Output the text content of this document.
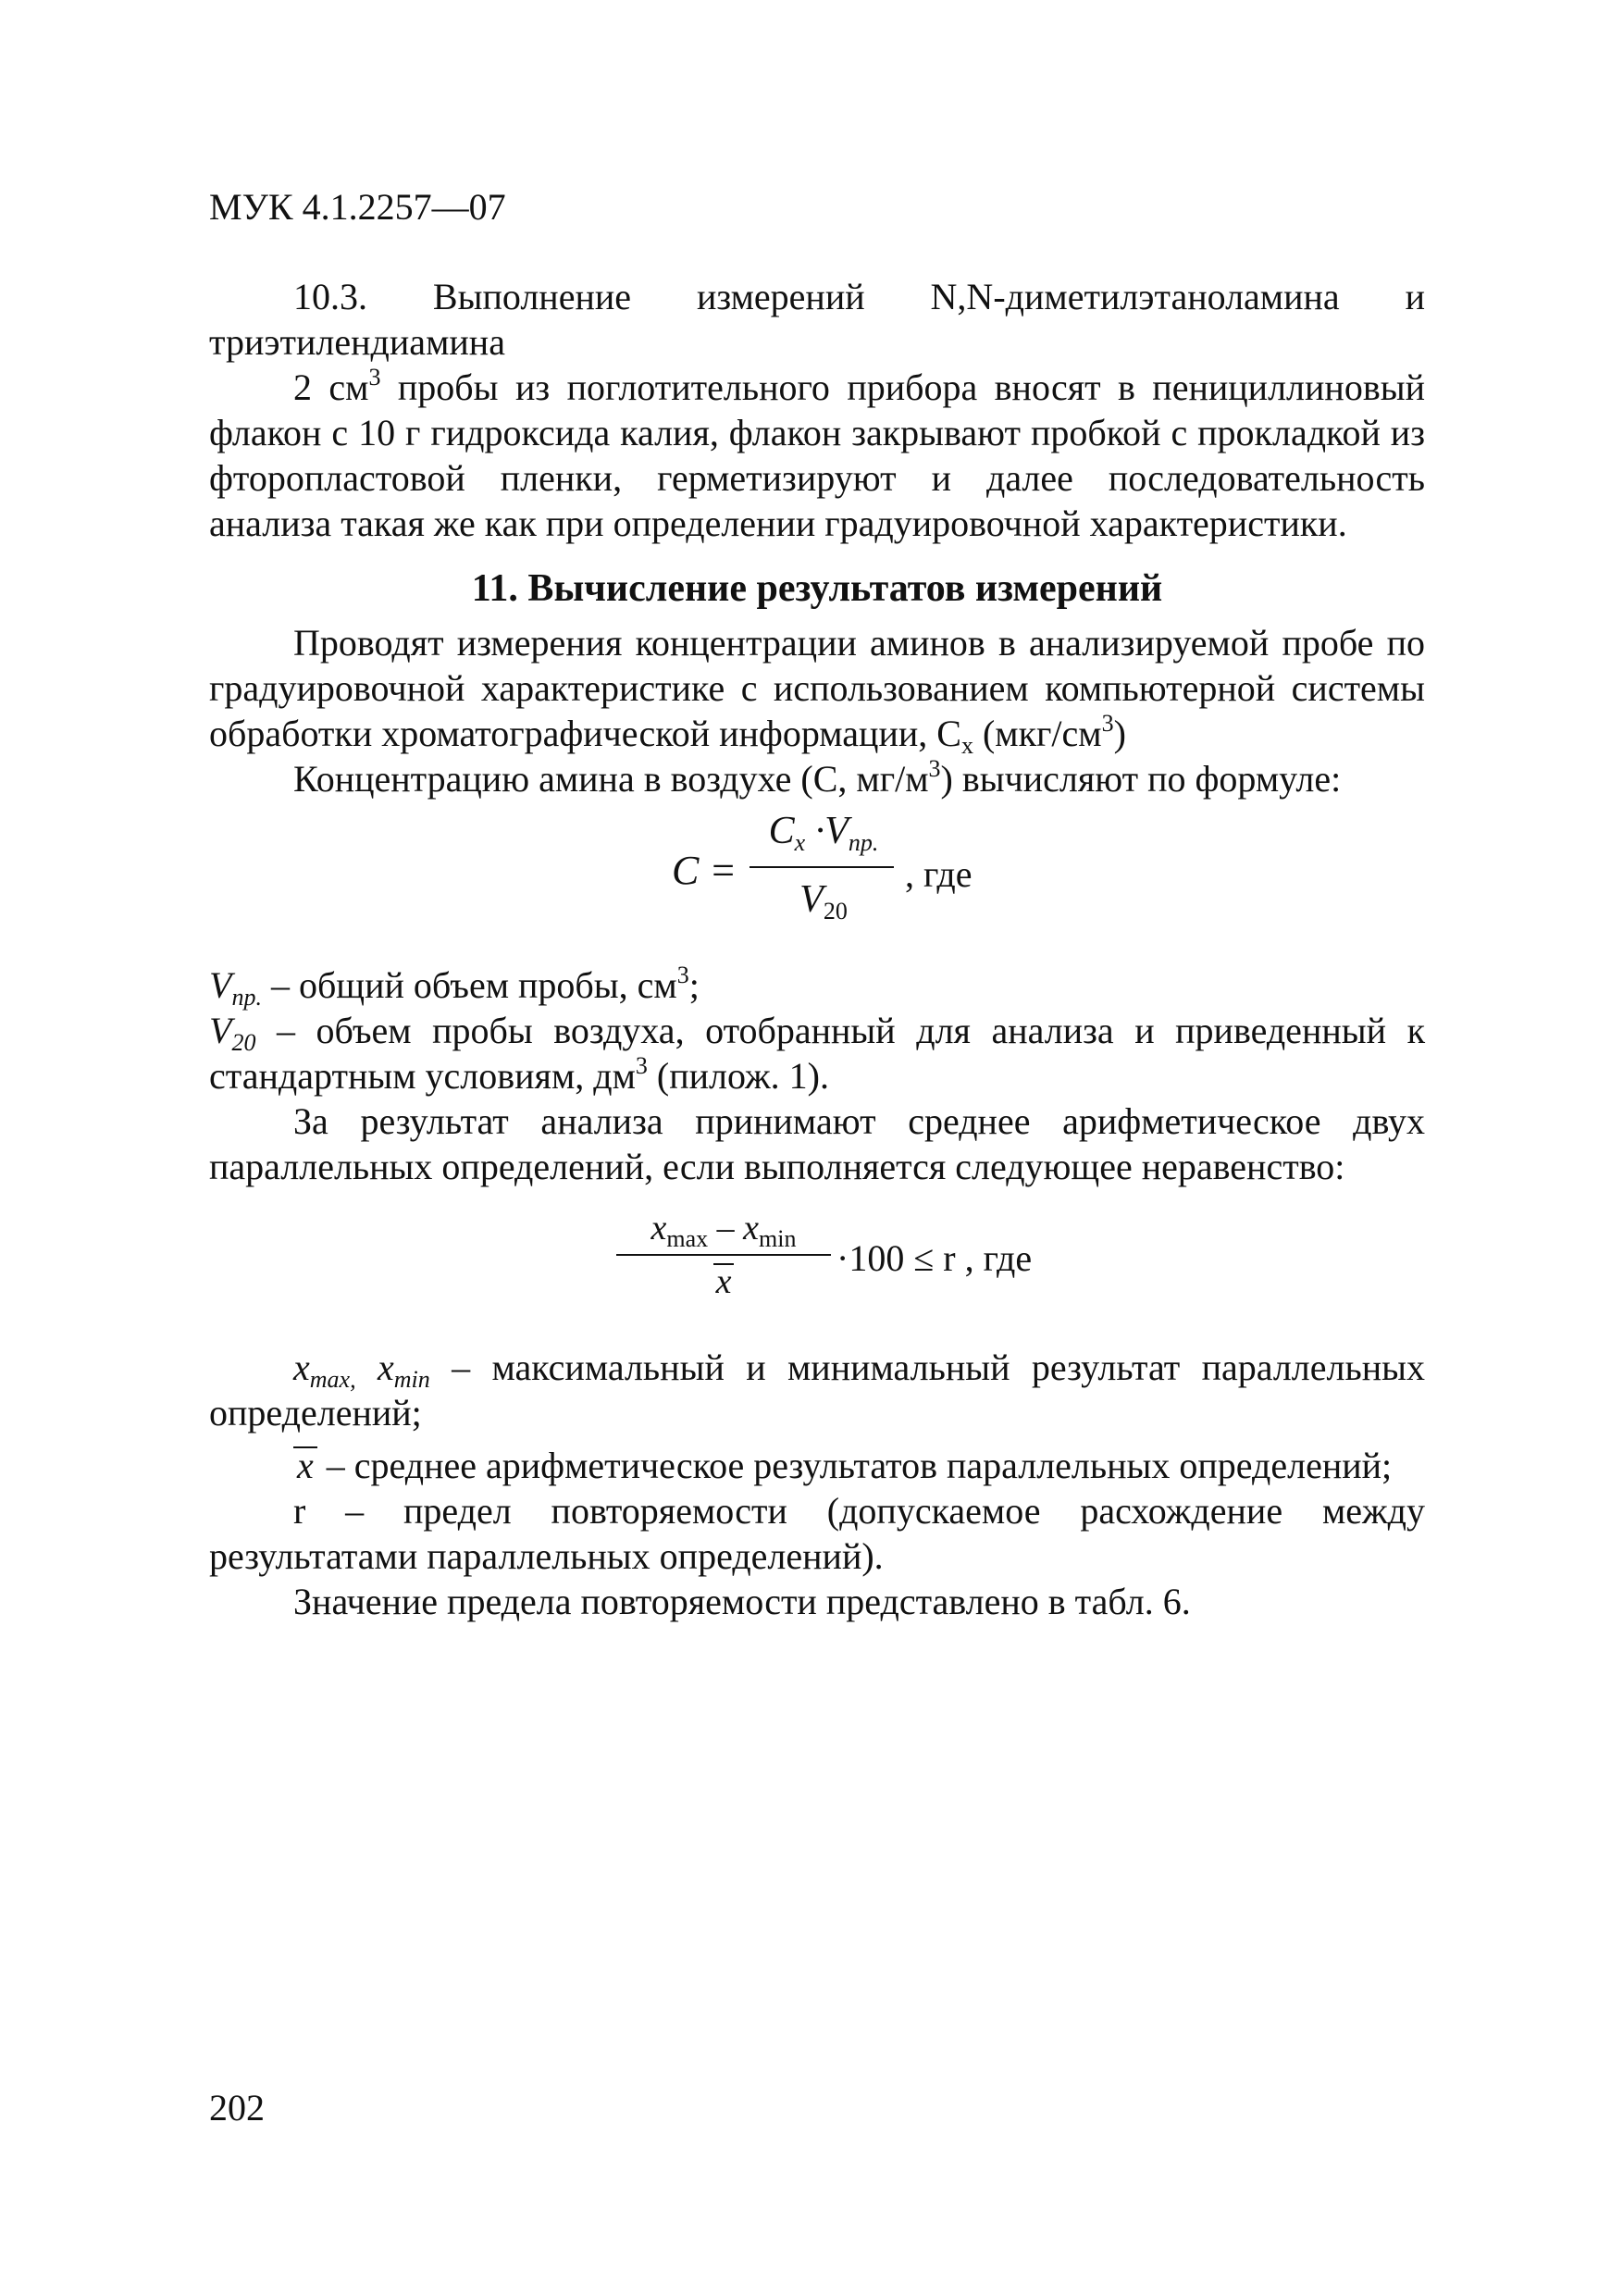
МУК 4.1.2257—07

10.3. Выполнение измерений N,N-диметилэтаноламина и триэтилендиамина

2 $см^3$ пробы из поглотительного прибора вносят в пенициллиновый флакон с 10 г гидроксида калия, флакон закрывают пробкой с прокладкой из фторопластовой пленки, герметизируют и далее последовательность анализа такая же как при определении градуировочной характеристики.

11. Вычисление результатов измерений

Проводят измерения концентрации аминов в анализируемой пробе по градуировочной характеристике с использованием компьютерной системы обработки хроматографической информации, $С_х$ $(мкг/см^3)$

Концентрацию амина в воздухе (С, $мг/м^3$) вычисляют по формуле:

C =
$C_x \cdot V_{пр.}$
$V_{20}$
, где

$V_{пр.}$ – общий объем пробы, $см^3$;

$V_{20}$ – объем пробы воздуха, отобранный для анализа и приведенный к стандартным условиям, $дм^3$ (пилож. 1).

За результат анализа принимают среднее арифметическое двух параллельных определений, если выполняется следующее неравенство:

$x_{max} - x_{min}$
x
·100 ≤ r , где

$x_{max,}$ $x_{min}$ – максимальный и минимальный результат параллельных определений;

x – среднее арифметическое результатов параллельных определений;

r – предел повторяемости (допускаемое расхождение между результатами параллельных определений).

Значение предела повторяемости представлено в табл. 6.

202
